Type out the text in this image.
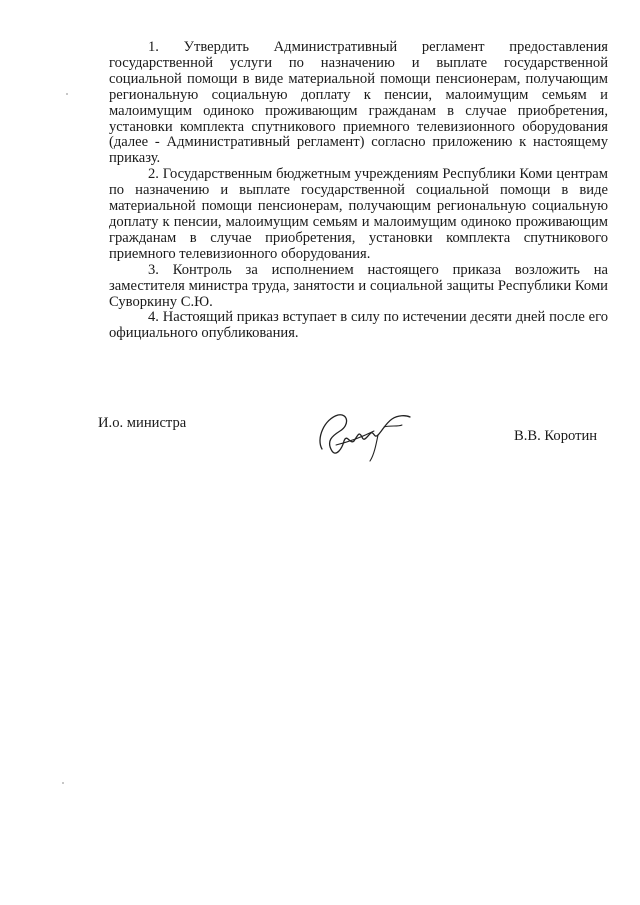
1. Утвердить Административный регламент предоставления государственной услуги по назначению и выплате государственной социальной помощи в виде материальной помощи пенсионерам, получающим региональную социальную доплату к пенсии, малоимущим семьям и малоимущим одиноко проживающим гражданам в случае приобретения, установки комплекта спутникового приемного телевизионного оборудования (далее - Административный регламент) согласно приложению к настоящему приказу.

2. Государственным бюджетным учреждениям Республики Коми центрам по назначению и выплате государственной социальной помощи в виде материальной помощи пенсионерам, получающим региональную социальную доплату к пенсии, малоимущим семьям и малоимущим одиноко проживающим гражданам в случае приобретения, установки комплекта спутникового приемного телевизионного оборудования.

3. Контроль за исполнением настоящего приказа возложить на заместителя министра труда, занятости и социальной защиты Республики Коми Суворкину С.Ю.

4. Настоящий приказ вступает в силу по истечении десяти дней после его официального опубликования.

И.о. министра
В.В. Коротин
